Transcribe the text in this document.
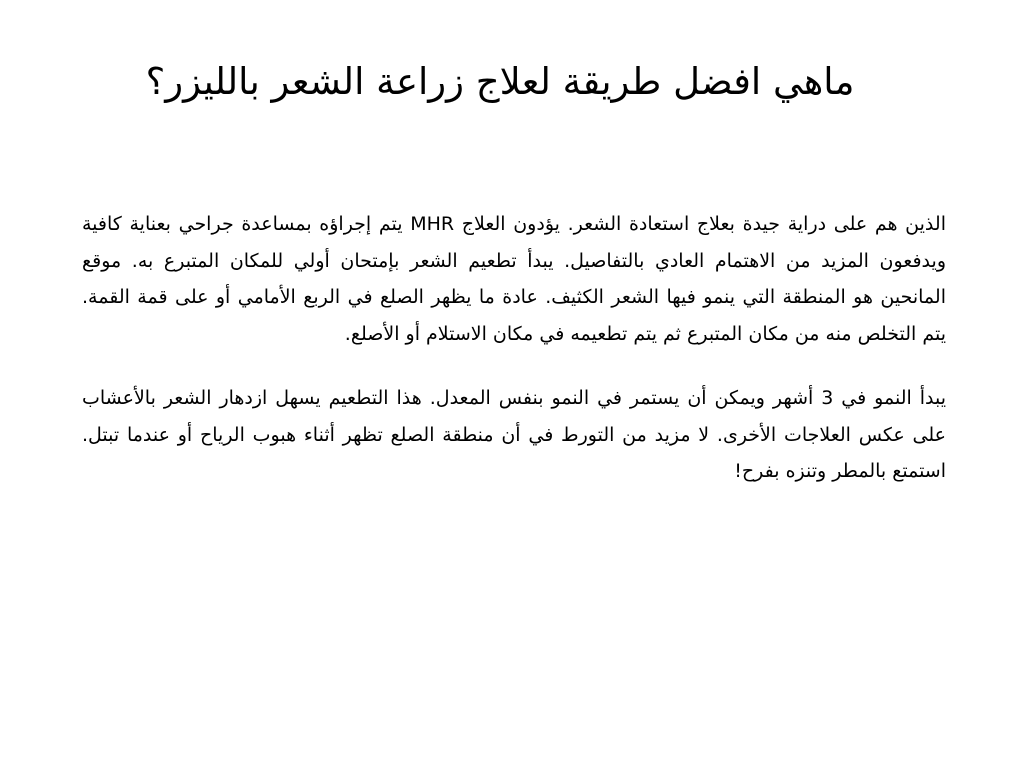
ماهي افضل طريقة لعلاج زراعة الشعر بالليزر؟

الذين هم على دراية جيدة بعلاج استعادة الشعر. يؤدون العلاج MHR يتم إجراؤه بمساعدة جراحي بعناية كافية ويدفعون المزيد من الاهتمام العادي بالتفاصيل. يبدأ تطعيم الشعر بإمتحان أولي للمكان المتبرع به. موقع المانحين هو المنطقة التي ينمو فيها الشعر الكثيف. عادة ما يظهر الصلع في الربع الأمامي أو على قمة القمة. يتم التخلص منه من مكان المتبرع ثم يتم تطعيمه في مكان الاستلام أو الأصلع.

يبدأ النمو في 3 أشهر ويمكن أن يستمر في النمو بنفس المعدل. هذا التطعيم يسهل ازدهار الشعر بالأعشاب على عكس العلاجات الأخرى. لا مزيد من التورط في أن منطقة الصلع تظهر أثناء هبوب الرياح أو عندما تبتل. استمتع بالمطر وتنزه بفرح!
